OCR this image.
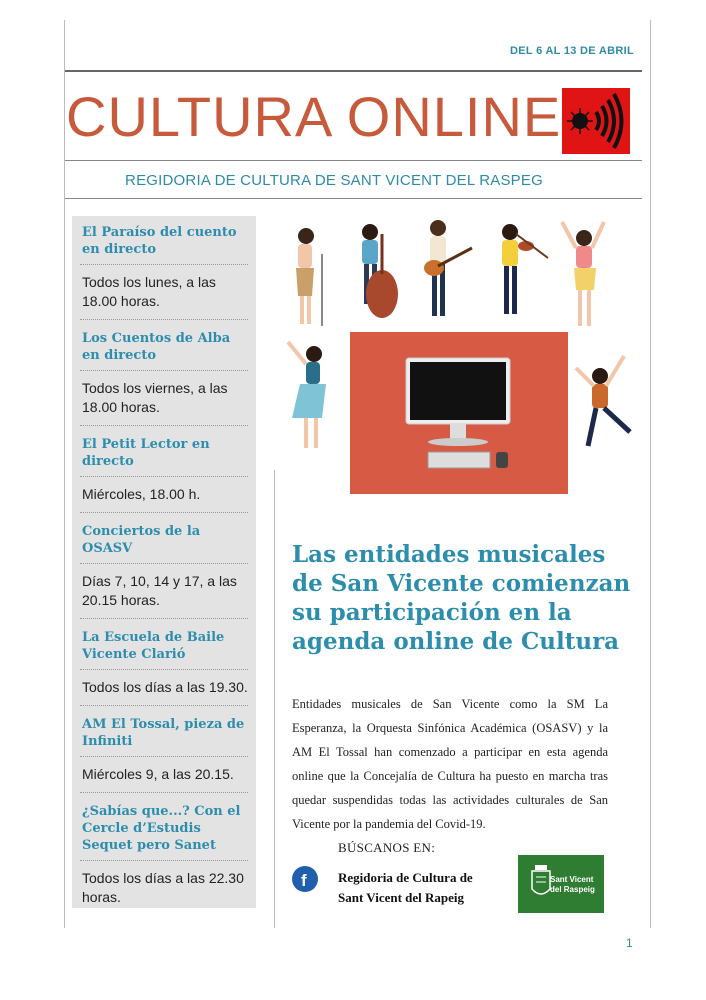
DEL 6 AL 13 DE ABRIL
CULTURA ONLINE
REGIDORIA DE CULTURA DE SANT VICENT DEL RASPEG
El Paraíso del cuento en directo
Todos los lunes, a las 18.00 horas.
Los Cuentos de Alba en directo
Todos los viernes, a las 18.00 horas.
El Petit Lector en directo
Miércoles, 18.00 h.
Conciertos de la OSASV
Días 7, 10, 14 y 17, a las 20.15 horas.
La Escuela de Baile Vicente Clarió
Todos los días a las 19.30.
AM El Tossal, pieza de Infiniti
Miércoles 9, a las 20.15.
¿Sabías que...? Con el Cercle d’Estudis Sequet pero Sanet
Todos los días a las 22.30 horas.
Las entidades musicales de San Vicente comienzan su participación en la agenda online de Cultura
Entidades musicales de San Vicente como la SM La Esperanza, la Orquesta Sinfónica Académica (OSASV) y la AM El Tossal han comenzado a participar en esta agenda online que la Concejalía de Cultura ha puesto en marcha tras quedar suspendidas todas las actividades culturales de San Vicente por la pandemia del Covid-19.
BÚSCANOS EN:
f Regidoria de Cultura de
Sant Vicent del Rapeig
Sant Vicent
del Raspeig
1
